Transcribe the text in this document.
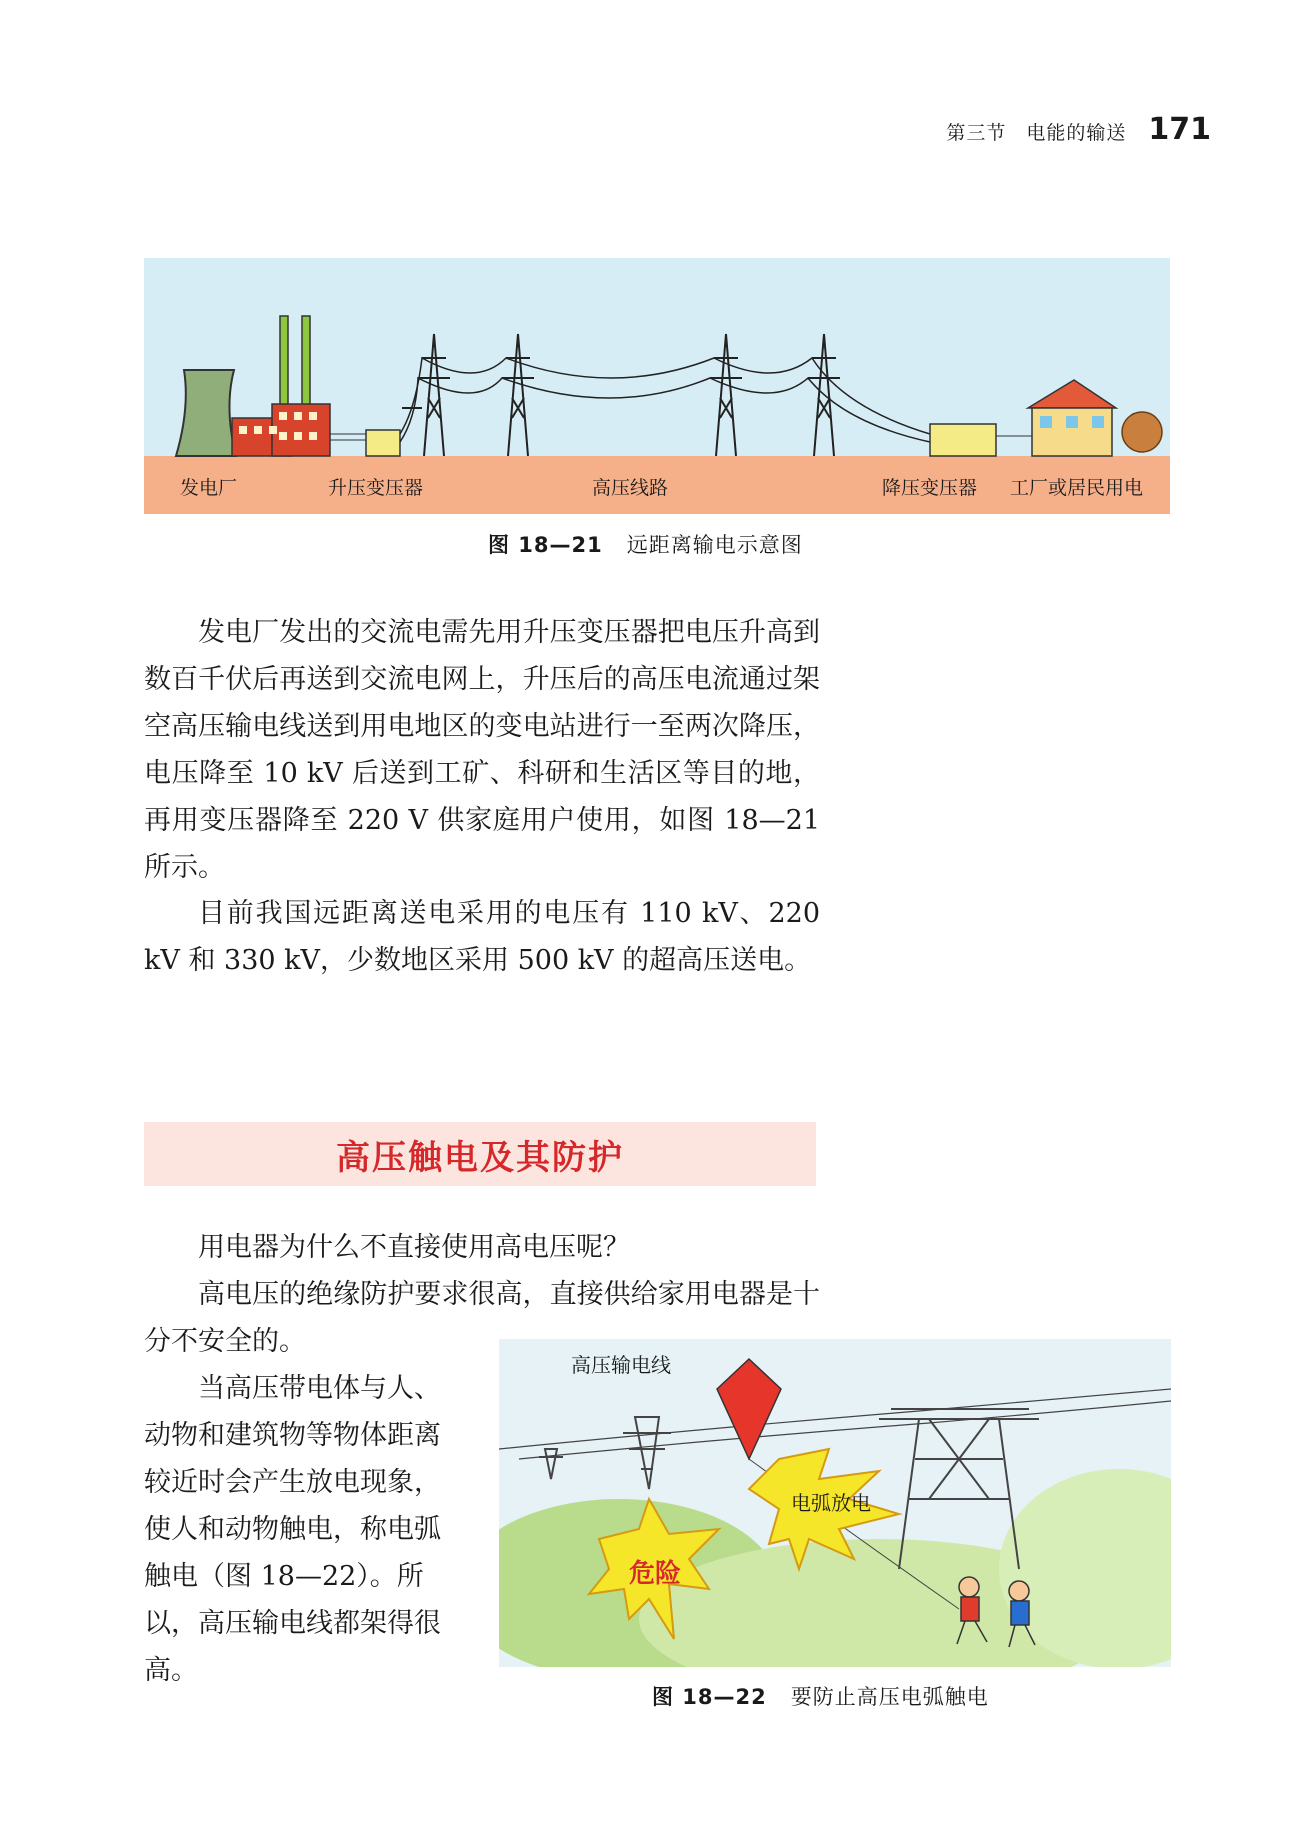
第三节　电能的输送 171
发电厂	升压变压器	高压线路	降压变压器 工厂或居民用电
图 18—21 远距离输电示意图

发电厂发出的交流电需先用升压变压器把电压升高到数百千伏后再送到交流电网上，升压后的高压电流通过架空高压输电线送到用电地区的变电站进行一至两次降压，电压降至 10 kV 后送到工矿、科研和生活区等目的地，再用变压器降至 220 V 供家庭用户使用，如图 18—21 所示。

目前我国远距离送电采用的电压有 110 kV、220 kV 和 330 kV，少数地区采用 500 kV 的超高压送电。

高压触电及其防护

用电器为什么不直接使用高电压呢？

高电压的绝缘防护要求很高，直接供给家用电器是十分不安全的。

当高压带电体与人、动物和建筑物等物体距离较近时会产生放电现象，使人和动物触电，称电弧触电（图 18—22）。所以，高压输电线都架得很高。

高压输电线
电弧放电
危险
图 18—22 要防止高压电弧触电
